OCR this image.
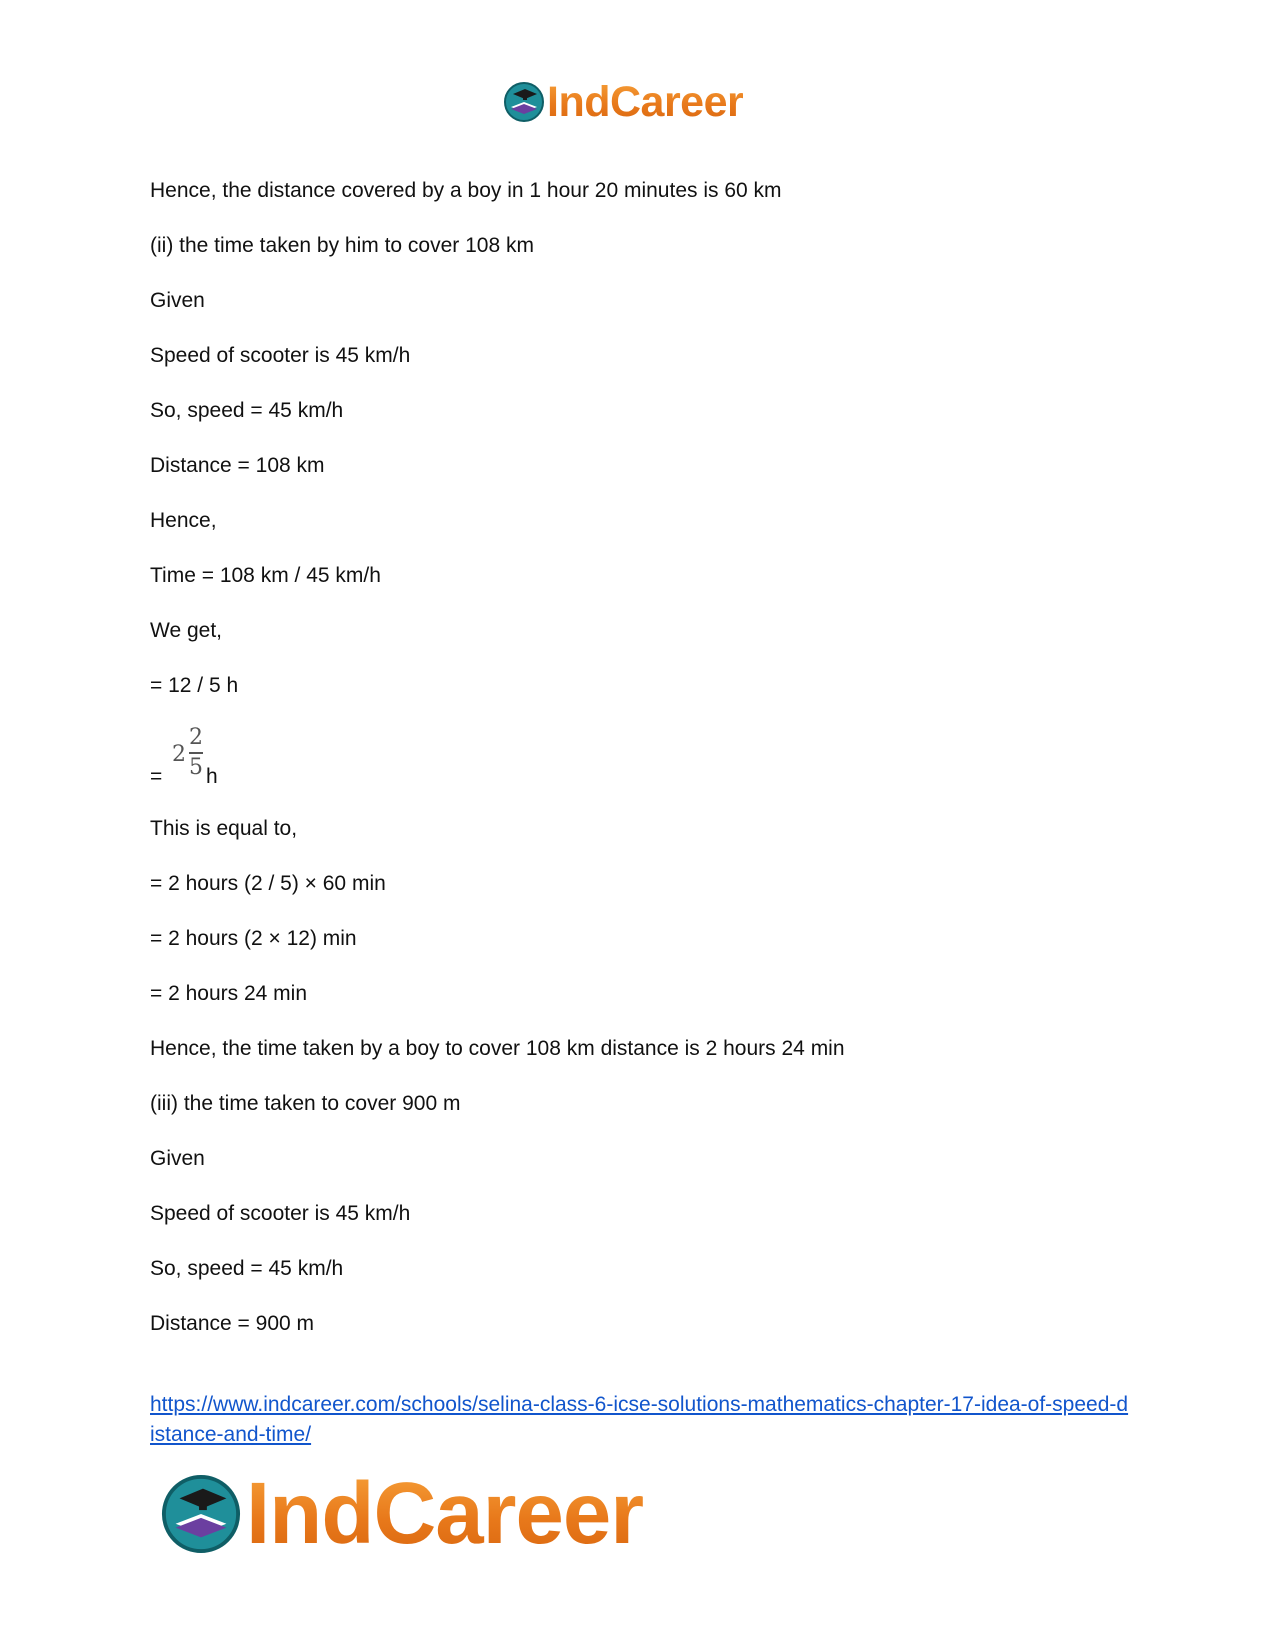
IndCareer
Hence, the distance covered by a boy in 1 hour 20 minutes is 60 km
(ii) the time taken by him to cover 108 km
Given
Speed of scooter is 45 km/h
So, speed = 45 km/h
Distance = 108 km
Hence,
Time = 108 km / 45 km/h
We get,
= 12 / 5 h
=
$2 \frac{2}{5}$ h
This is equal to,
= 2 hours (2 / 5) × 60 min
= 2 hours (2 × 12) min
= 2 hours 24 min
Hence, the time taken by a boy to cover 108 km distance is 2 hours 24 min
(iii) the time taken to cover 900 m
Given
Speed of scooter is 45 km/h
So, speed = 45 km/h
Distance = 900 m
https://www.indcareer.com/schools/selina-class-6-icse-solutions-mathematics-chapter-17-idea-of-speed-distance-and-time/
IndCareer
